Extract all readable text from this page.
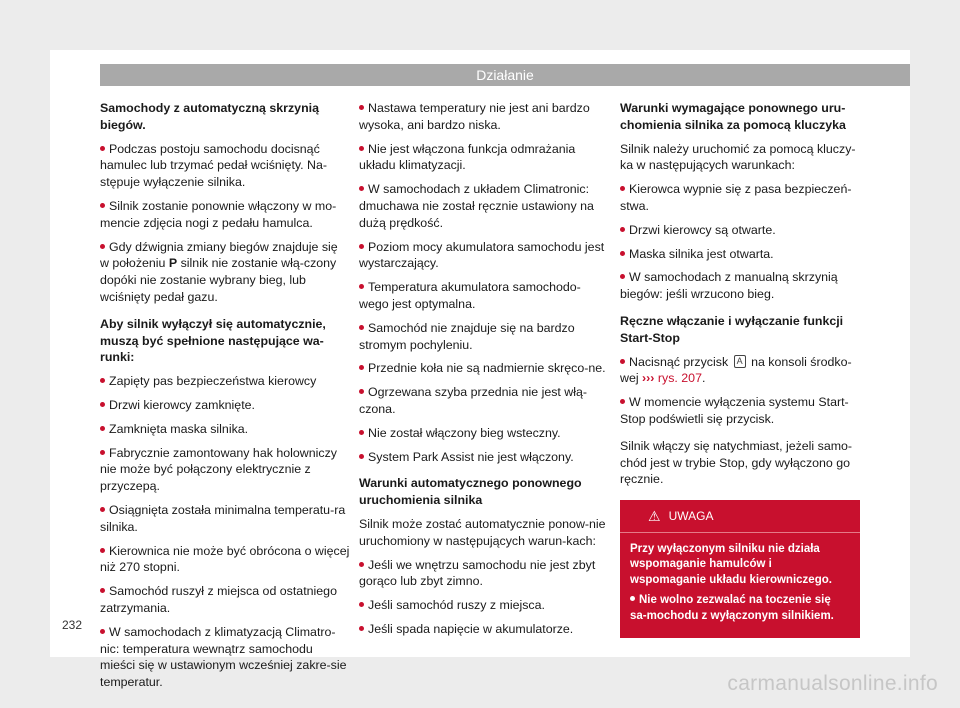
Działanie

Samochody z automatyczną skrzynią biegów.

Podczas postoju samochodu docisnąć hamulec lub trzymać pedał wciśnięty. Na-stępuje wyłączenie silnika.

Silnik zostanie ponownie włączony w mo-mencie zdjęcia nogi z pedału hamulca.

Gdy dźwignia zmiany biegów znajduje się w położeniu P silnik nie zostanie włą-czony dopóki nie zostanie wybrany bieg, lub wciśnięty pedał gazu.

Aby silnik wyłączył się automatycznie, muszą być spełnione następujące wa-runki:

Zapięty pas bezpieczeństwa kierowcy

Drzwi kierowcy zamknięte.

Zamknięta maska silnika.

Fabrycznie zamontowany hak holowniczy nie może być połączony elektrycznie z przyczepą.

Osiągnięta została minimalna temperatu-ra silnika.

Kierownica nie może być obrócona o więcej niż 270 stopni.

Samochód ruszył z miejsca od ostatniego zatrzymania.

W samochodach z klimatyzacją Climatro-nic: temperatura wewnątrz samochodu mieści się w ustawionym wcześniej zakre-sie temperatur.

Nastawa temperatury nie jest ani bardzo wysoka, ani bardzo niska.

Nie jest włączona funkcja odmrażania układu klimatyzacji.

W samochodach z układem Climatronic: dmuchawa nie został ręcznie ustawiony na dużą prędkość.

Poziom mocy akumulatora samochodu jest wystarczający.

Temperatura akumulatora samochodo-wego jest optymalna.

Samochód nie znajduje się na bardzo stromym pochyleniu.

Przednie koła nie są nadmiernie skręco-ne.

Ogrzewana szyba przednia nie jest włą-czona.

Nie został włączony bieg wsteczny.

System Park Assist nie jest włączony.

Warunki automatycznego ponownego uruchomienia silnika

Silnik może zostać automatycznie ponow-nie uruchomiony w następujących warun-kach:

Jeśli we wnętrzu samochodu nie jest zbyt gorąco lub zbyt zimno.

Jeśli samochód ruszy z miejsca.

Jeśli spada napięcie w akumulatorze.

Warunki wymagające ponownego uru-chomienia silnika za pomocą kluczyka

Silnik należy uruchomić za pomocą kluczy-ka w następujących warunkach:

Kierowca wypnie się z pasa bezpieczeń-stwa.

Drzwi kierowcy są otwarte.

Maska silnika jest otwarta.

W samochodach z manualną skrzynią biegów: jeśli wrzucono bieg.

Ręczne włączanie i wyłączanie funkcji Start-Stop

Nacisnąć przycisk A na konsoli środko-wej ››› rys. 207.

W momencie wyłączenia systemu Start-Stop podświetli się przycisk.

Silnik włączy się natychmiast, jeżeli samo-chód jest w trybie Stop, gdy wyłączono go ręcznie.

⚠ UWAGA

Przy wyłączonym silniku nie działa wspomaganie hamulców i wspomaganie układu kierowniczego.

Nie wolno zezwalać na toczenie się sa-mochodu z wyłączonym silnikiem.

232
carmanualsonline.info
